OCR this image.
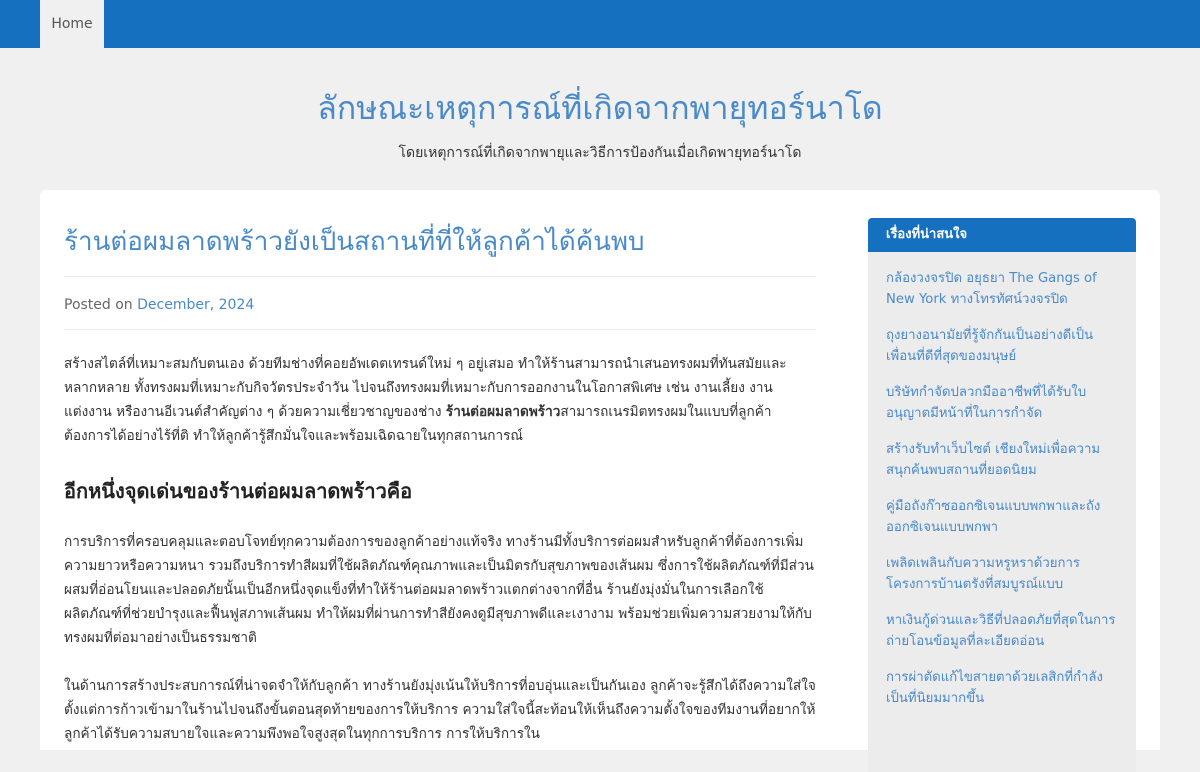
Home
ลักษณะเหตุการณ์ที่เกิดจากพายุทอร์นาโด
โดยเหตุการณ์ที่เกิดจากพายุและวิธีการป้องกันเมื่อเกิดพายุทอร์นาโด
ร้านต่อผมลาดพร้าวยังเป็นสถานที่ที่ให้ลูกค้าได้ค้นพบ
Posted on December, 2024

สร้างสไตล์ที่เหมาะสมกับตนเอง ด้วยทีมช่างที่คอยอัพเดตเทรนด์ใหม่ ๆ อยู่เสมอ ทำให้ร้านสามารถนำเสนอทรงผมที่ทันสมัยและหลากหลาย ทั้งทรงผมที่เหมาะกับกิจวัตรประจำวัน ไปจนถึงทรงผมที่เหมาะกับการออกงานในโอกาสพิเศษ เช่น งานเลี้ยง งานแต่งงาน หรืองานอีเวนต์สำคัญต่าง ๆ ด้วยความเชี่ยวชาญของช่าง ร้านต่อผมลาดพร้าวสามารถเนรมิตทรงผมในแบบที่ลูกค้าต้องการได้อย่างไร้ที่ติ ทำให้ลูกค้ารู้สึกมั่นใจและพร้อมเฉิดฉายในทุกสถานการณ์

อีกหนึ่งจุดเด่นของร้านต่อผมลาดพร้าวคือ

การบริการที่ครอบคลุมและตอบโจทย์ทุกความต้องการของลูกค้าอย่างแท้จริง ทางร้านมีทั้งบริการต่อผมสำหรับลูกค้าที่ต้องการเพิ่มความยาวหรือความหนา รวมถึงบริการทำสีผมที่ใช้ผลิตภัณฑ์คุณภาพและเป็นมิตรกับสุขภาพของเส้นผม ซึ่งการใช้ผลิตภัณฑ์ที่มีส่วนผสมที่อ่อนโยนและปลอดภัยนั้นเป็นอีกหนึ่งจุดแข็งที่ทำให้ร้านต่อผมลาดพร้าวแตกต่างจากที่อื่น ร้านยังมุ่งมั่นในการเลือกใช้ผลิตภัณฑ์ที่ช่วยบำรุงและฟื้นฟูสภาพเส้นผม ทำให้ผมที่ผ่านการทำสียังคงดูมีสุขภาพดีและเงางาม พร้อมช่วยเพิ่มความสวยงามให้กับทรงผมที่ต่อมาอย่างเป็นธรรมชาติ

ในด้านการสร้างประสบการณ์ที่น่าจดจำให้กับลูกค้า ทางร้านยังมุ่งเน้นให้บริการที่อบอุ่นและเป็นกันเอง ลูกค้าจะรู้สึกได้ถึงความใส่ใจตั้งแต่การก้าวเข้ามาในร้านไปจนถึงขั้นตอนสุดท้ายของการให้บริการ ความใส่ใจนี้สะท้อนให้เห็นถึงความตั้งใจของทีมงานที่อยากให้ลูกค้าได้รับความสบายใจและความพึงพอใจสูงสุดในทุกการบริการ การให้บริการใน

เรื่องที่น่าสนใจ
กล้องวงจรปิด อยุธยา The Gangs of New York ทางโทรทัศน์วงจรปิด
ถุงยางอนามัยที่รู้จักกันเป็นอย่างดีเป็นเพื่อนที่ดีที่สุดของมนุษย์
บริษัทกำจัดปลวกมืออาชีพที่ได้รับใบอนุญาตมีหน้าที่ในการกำจัด
สร้างรับทำเว็บไซต์ เชียงใหม่เพื่อความสนุกค้นพบสถานที่ยอดนิยม
คู่มือถังก๊าซออกซิเจนแบบพกพาและถังออกซิเจนแบบพกพา
เพลิดเพลินกับความหรูหราด้วยการโครงการบ้านตรังที่สมบูรณ์แบบ
หาเงินกู้ด่วนและวิธีที่ปลอดภัยที่สุดในการถ่ายโอนข้อมูลที่ละเอียดอ่อน
การผ่าตัดแก้ไขสายตาด้วยเลสิกที่กำลังเป็นที่นิยมมากขึ้น
